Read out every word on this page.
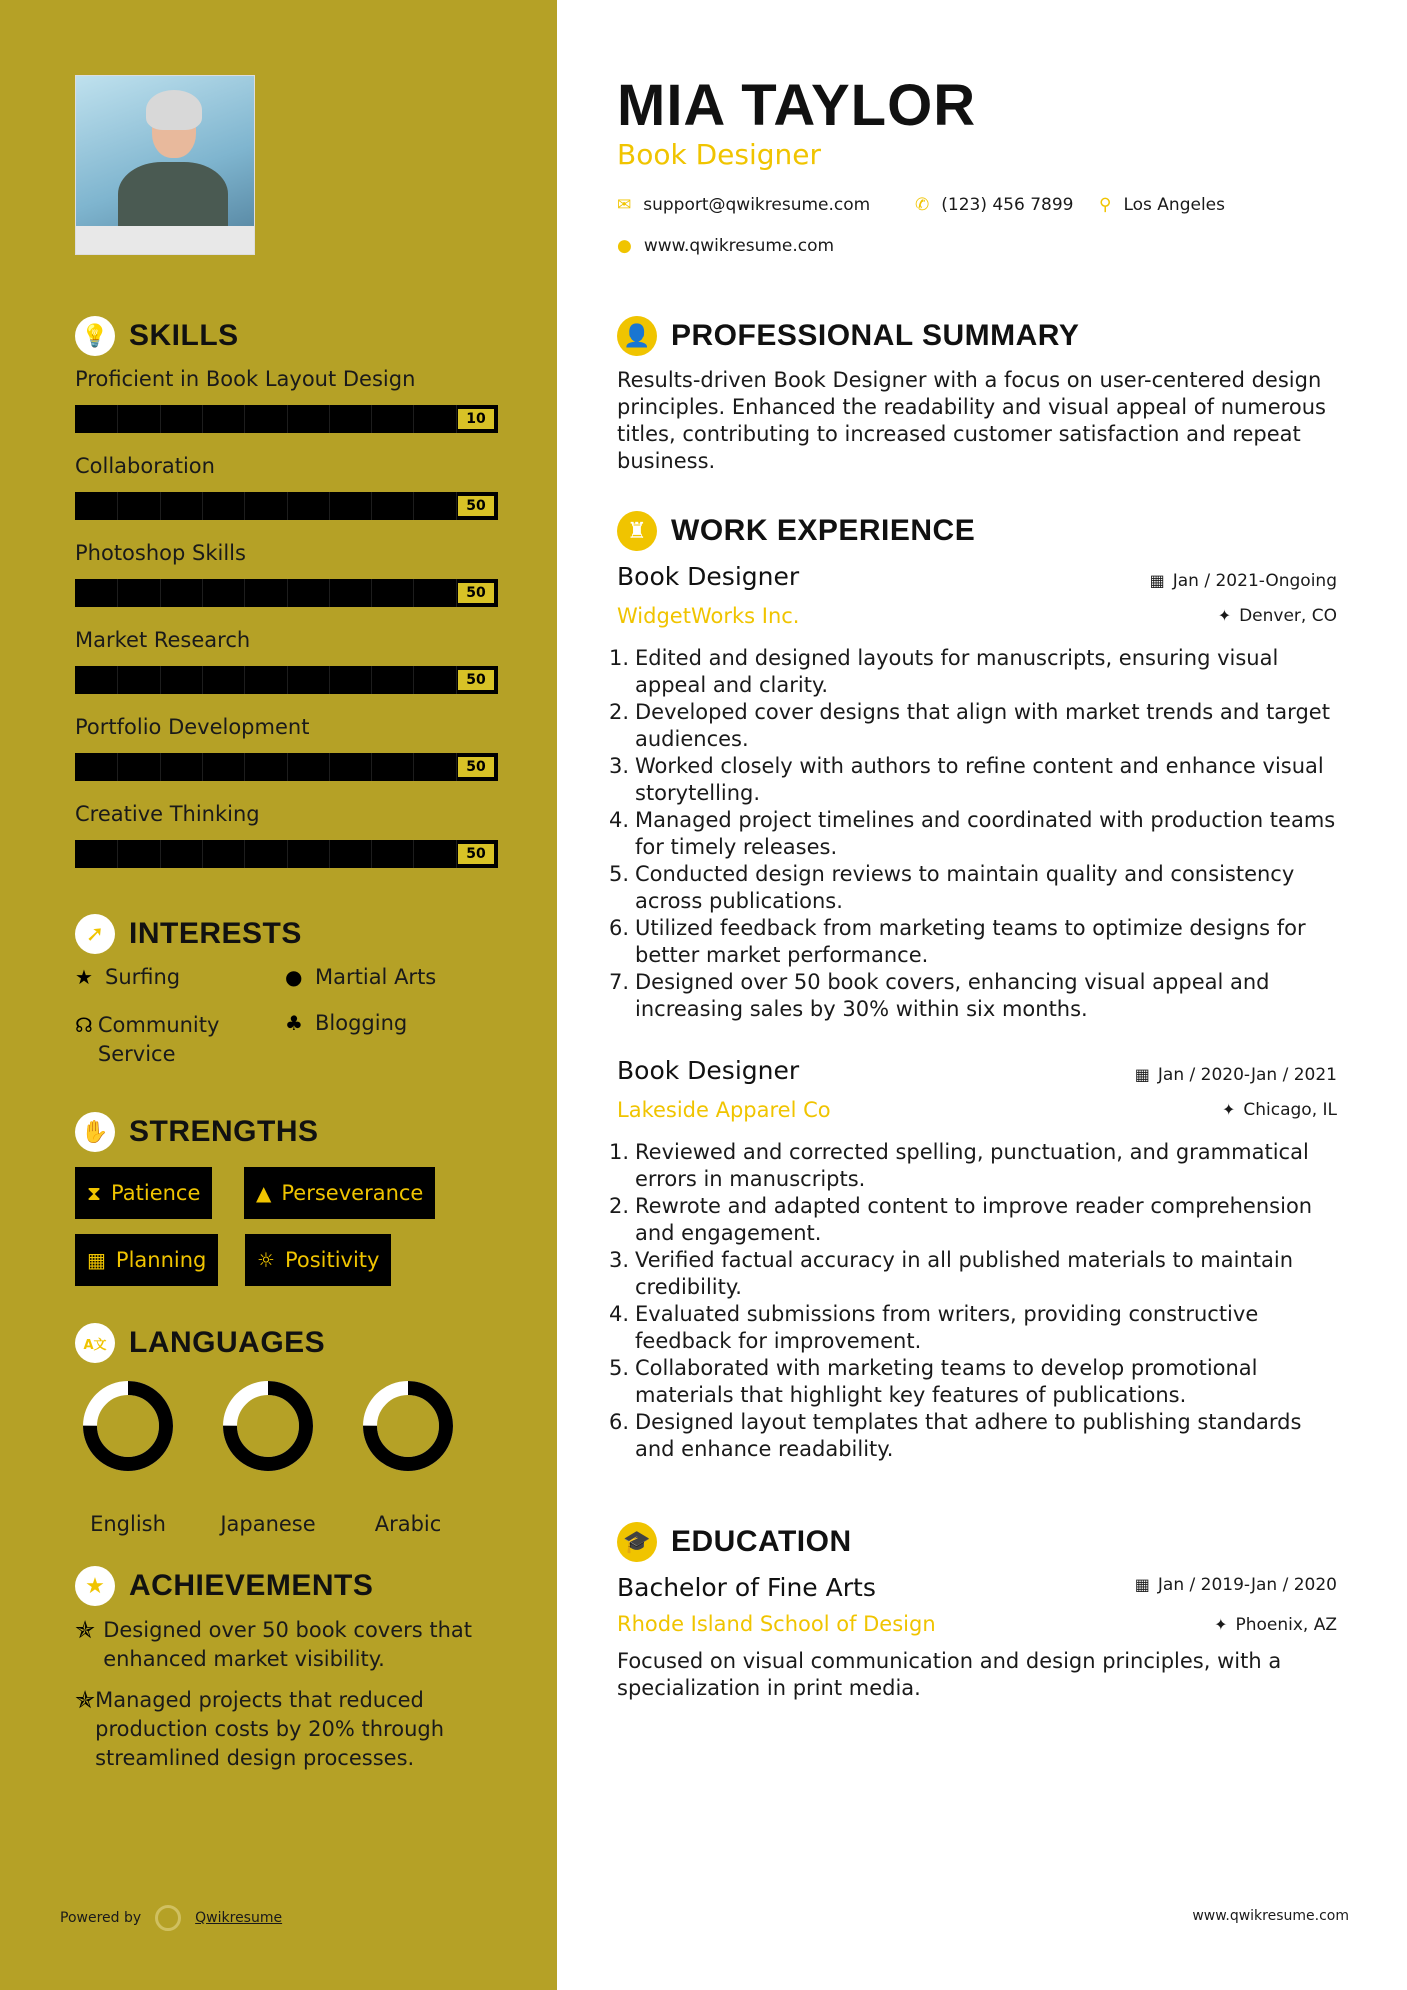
💡 SKILLS
Proficient in Book Layout Design
10
Collaboration
50
Photoshop Skills
50
Market Research
50
Portfolio Development
50
Creative Thinking
50
➚ INTERESTS
★ Surfing	● Martial Arts
☊ Community Service
♣ Blogging
✋ STRENGTHS
⧗ Patience	▲ Perseverance
▦ Planning	☼ Positivity
A文 LANGUAGES
English	Japanese	Arabic
★ ACHIEVEMENTS
✯ Designed over 50 book covers that enhanced market visibility.
✯ Managed projects that reduced production costs by 20% through streamlined design processes.
Powered by	Qwikresume
MIA TAYLOR
Book Designer
✉ support@qwikresume.com	✆ (123) 456 7899 ⚲ Los Angeles
● www.qwikresume.com
👤 PROFESSIONAL SUMMARY
Results-driven Book Designer with a focus on user-centered design principles. Enhanced the readability and visual appeal of numerous titles, contributing to increased customer satisfaction and repeat business.
♜ WORK EXPERIENCE
Book Designer	▦ Jan / 2021-Ongoing
WidgetWorks Inc.	✦ Denver, CO
1. Edited and designed layouts for manuscripts, ensuring visual appeal and clarity.
2. Developed cover designs that align with market trends and target audiences.
3. Worked closely with authors to refine content and enhance visual storytelling.
4. Managed project timelines and coordinated with production teams for timely releases.
5. Conducted design reviews to maintain quality and consistency across publications.
6. Utilized feedback from marketing teams to optimize designs for better market performance.
7. Designed over 50 book covers, enhancing visual appeal and increasing sales by 30% within six months.
Book Designer	▦ Jan / 2020-Jan / 2021
Lakeside Apparel Co	✦ Chicago, IL
1. Reviewed and corrected spelling, punctuation, and grammatical errors in manuscripts.
2. Rewrote and adapted content to improve reader comprehension and engagement.
3. Verified factual accuracy in all published materials to maintain credibility.
4. Evaluated submissions from writers, providing constructive feedback for improvement.
5. Collaborated with marketing teams to develop promotional materials that highlight key features of publications.
6. Designed layout templates that adhere to publishing standards and enhance readability.
🎓 EDUCATION
Bachelor of Fine Arts	▦ Jan / 2019-Jan / 2020
Rhode Island School of Design	✦ Phoenix, AZ
Focused on visual communication and design principles, with a specialization in print media.
www.qwikresume.com
